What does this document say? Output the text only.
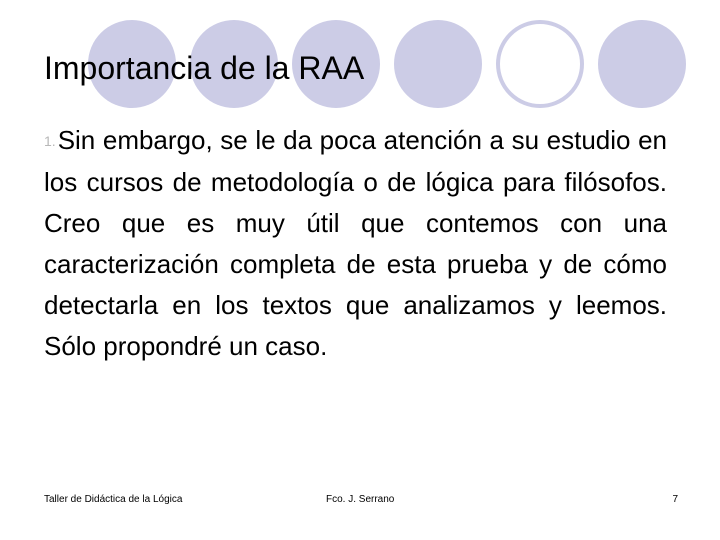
Importancia de la RAA
1.Sin embargo, se le da poca atención a su estudio en los cursos de metodología o de lógica para filósofos. Creo que es muy útil que contemos con una caracterización completa de esta prueba y de cómo detectarla en los textos que analizamos y leemos. Sólo propondré un caso.
Taller de Didáctica de la Lógica	Fco. J. Serrano	7
